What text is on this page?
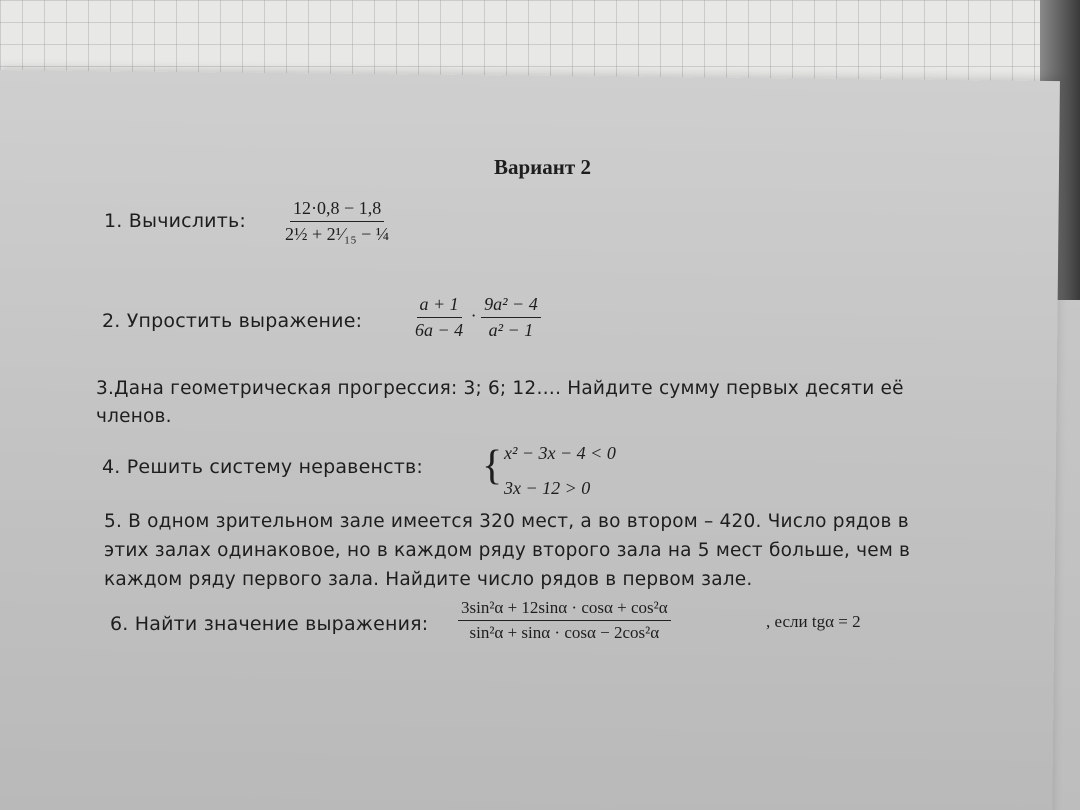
Вариант 2
1. Вычислить: $\frac{12\cdot 0,8 - 1,8}{\text{2½ + 2¹⁄₁₅ − ¼}}$
2. Упростить выражение:	$\frac{a + 1}{6a - 4} \cdot \frac{\text{9a² − 4}}{\text{a² − 1}}$
3.Дана геометрическая прогрессия: 3; 6; 12…. Найдите сумму первых десяти её
членов.
4. Решить систему неравенств: { x² − 3x − 4 < 0
3x − 12 > 0
5. В одном зрительном зале имеется 320 мест, а во втором – 420. Число рядов в
этих залах одинаковое, но в каждом ряду второго зала на 5 мест больше, чем в
каждом ряду первого зала. Найдите число рядов в первом зале.
6. Найти значение выражения: $\frac{\text{3sin²α + 12sinα · cosα + cos²α}}{\text{sin²α + sinα · cosα − 2cos²α}}$	, если tgα = 2
